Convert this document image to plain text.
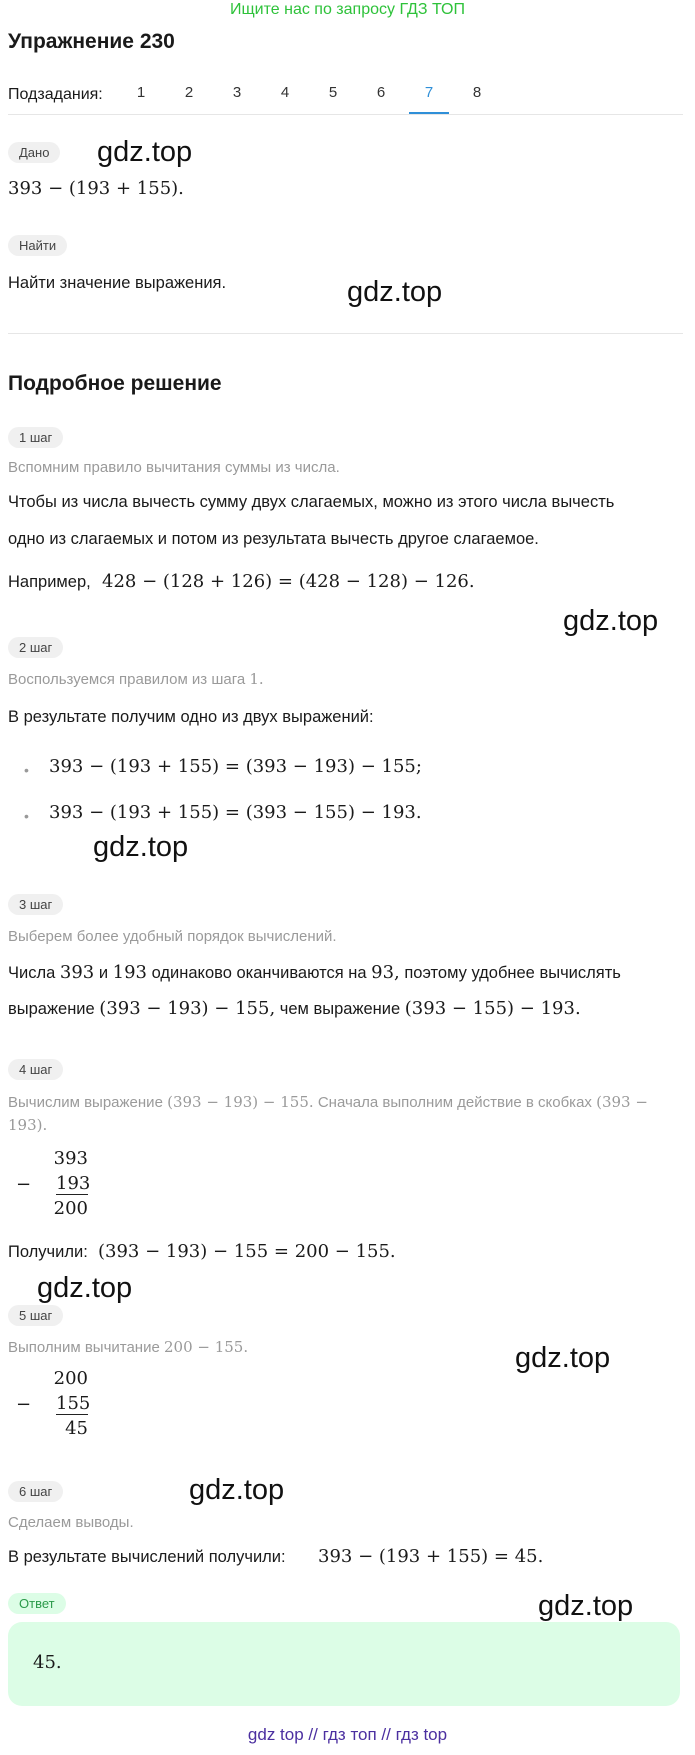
Ищите нас по запросу ГДЗ ТОП
Упражнение 230
Подзадания:	1	2	3	4	5	6	7	8
Дано	gdz.top
393 − (193 + 155).
Найти
Найти значение выражения.	gdz.top
Подробное решение
1 шаг
Вспомним правило вычитания суммы из числа.
Чтобы из числа вычесть сумму двух слагаемых, можно из этого числа вычесть
одно из слагаемых и потом из результата вычесть другое слагаемое.
Например, 428 − (128 + 126) = (428 − 128) − 126.
gdz.top
2 шаг
Воспользуемся правилом из шага 1.
В результате получим одно из двух выражений:
• 393 − (193 + 155) = (393 − 193) − 155;
• 393 − (193 + 155) = (393 − 155) − 193.
gdz.top
3 шаг
Выберем более удобный порядок вычислений.
Числа 393 и 193 одинаково оканчиваются на 93, поэтому удобнее вычислять
выражение (393 − 193) − 155, чем выражение (393 − 155) − 193.
4 шаг
Вычислим выражение (393 − 193) − 155. Сначала выполним действие в скобках (393 − 193).
−
393
193
200
Получили: (393 − 193) − 155 = 200 − 155.
gdz.top
5 шаг
Выполним вычитание 200 − 155.	gdz.top
−
200
155
45
gdz.top
6 шаг
Сделаем выводы.
В результате вычислений получили: 393 − (193 + 155) = 45.
Ответ	gdz.top
45.
gdz top // гдз топ // гдз top
